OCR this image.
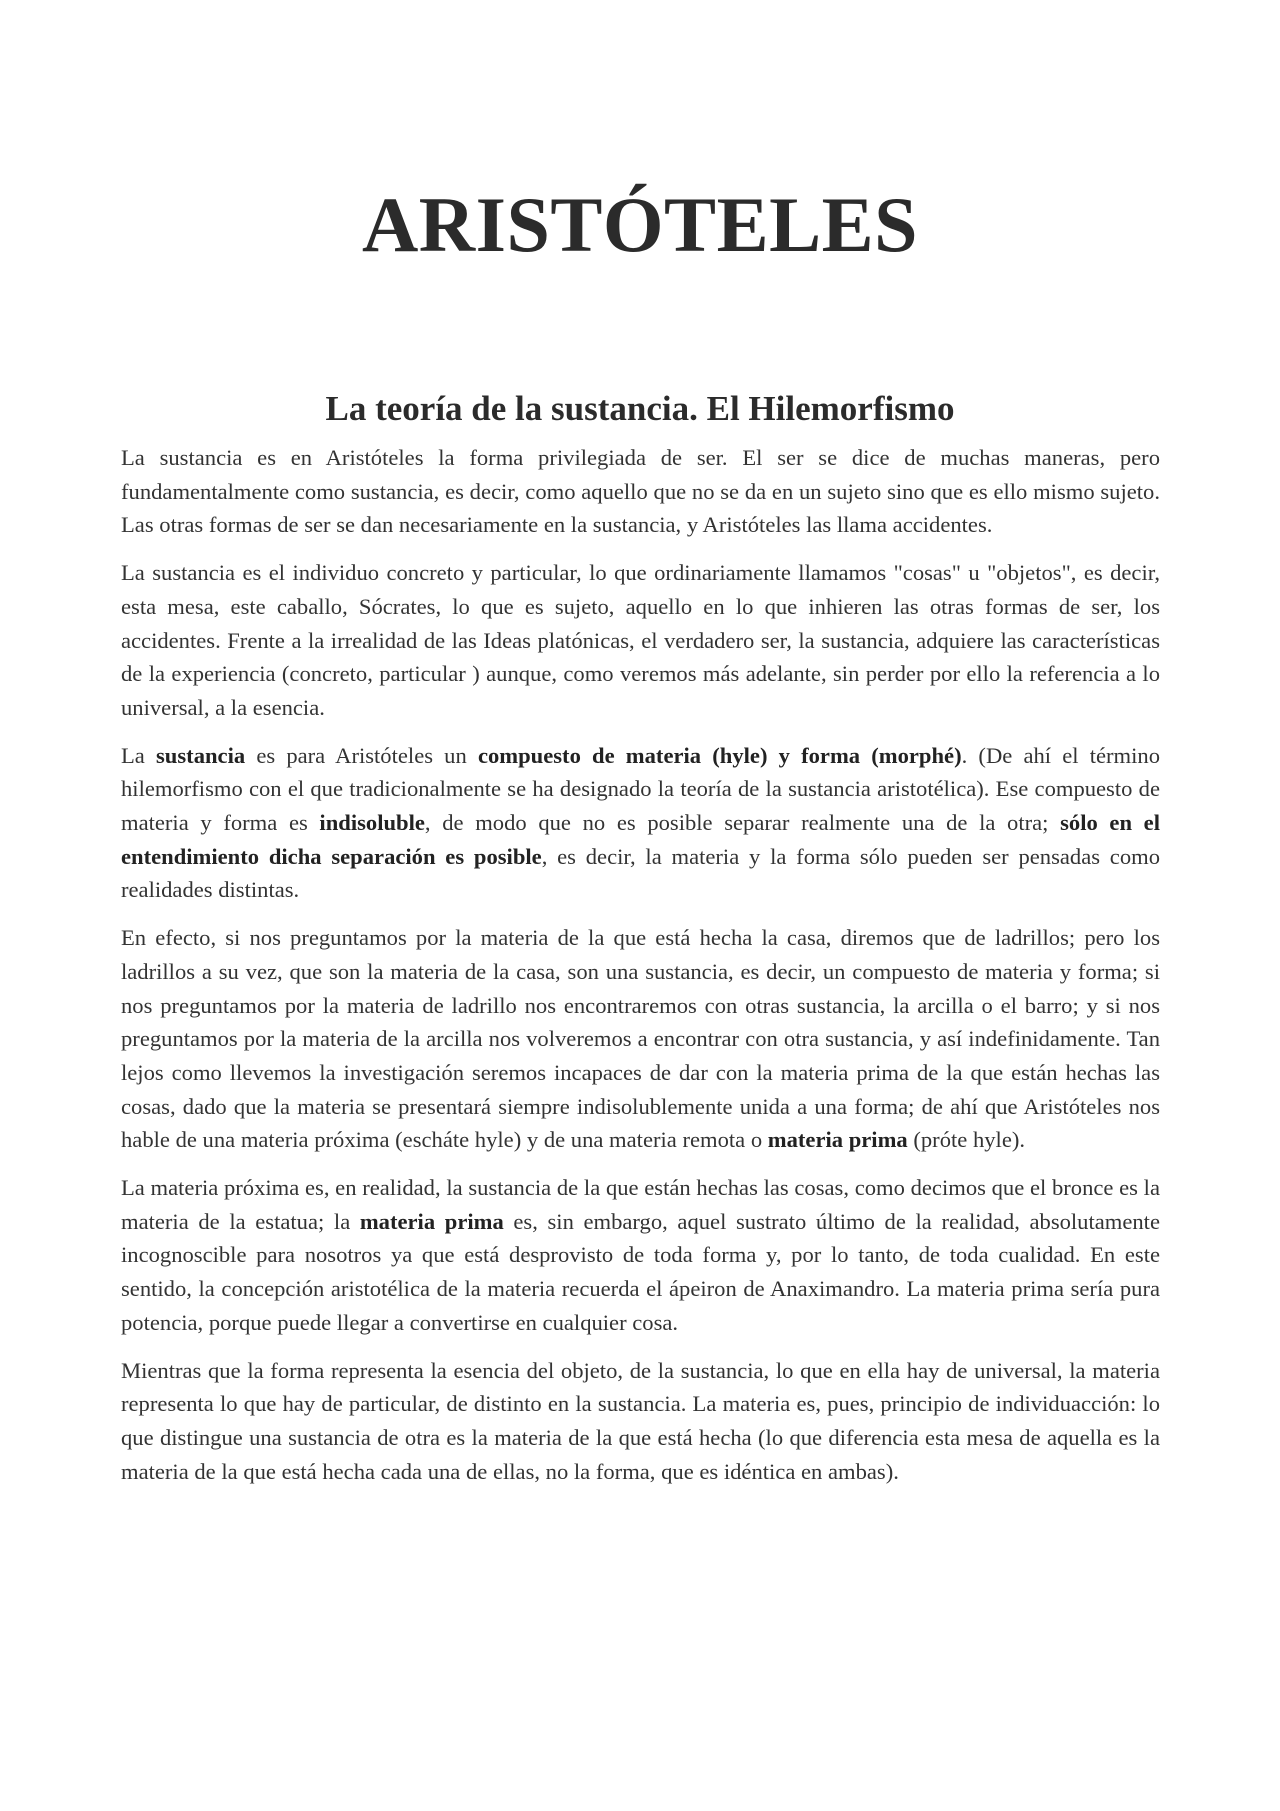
ARISTÓTELES
La teoría de la sustancia. El Hilemorfismo

La sustancia es en Aristóteles la forma privilegiada de ser. El ser se dice de muchas maneras, pero fundamentalmente como sustancia, es decir, como aquello que no se da en un sujeto sino que es ello mismo sujeto. Las otras formas de ser se dan necesariamente en la sustancia, y Aristóteles las llama accidentes.

La sustancia es el individuo concreto y particular, lo que ordinariamente llamamos "cosas" u "objetos", es decir, esta mesa, este caballo, Sócrates, lo que es sujeto, aquello en lo que inhieren las otras formas de ser, los accidentes. Frente a la irrealidad de las Ideas platónicas, el verdadero ser, la sustancia, adquiere las características de la experiencia (concreto, particular ) aunque, como veremos más adelante, sin perder por ello la referencia a lo universal, a la esencia.

La sustancia es para Aristóteles un compuesto de materia (hyle) y forma (morphé). (De ahí el término hilemorfismo con el que tradicionalmente se ha designado la teoría de la sustancia aristotélica). Ese compuesto de materia y forma es indisoluble, de modo que no es posible separar realmente una de la otra; sólo en el entendimiento dicha separación es posible, es decir, la materia y la forma sólo pueden ser pensadas como realidades distintas.

En efecto, si nos preguntamos por la materia de la que está hecha la casa, diremos que de ladrillos; pero los ladrillos a su vez, que son la materia de la casa, son una sustancia, es decir, un compuesto de materia y forma; si nos preguntamos por la materia de ladrillo nos encontraremos con otras sustancia, la arcilla o el barro; y si nos preguntamos por la materia de la arcilla nos volveremos a encontrar con otra sustancia, y así indefinidamente. Tan lejos como llevemos la investigación seremos incapaces de dar con la materia prima de la que están hechas las cosas, dado que la materia se presentará siempre indisolublemente unida a una forma; de ahí que Aristóteles nos hable de una materia próxima (escháte hyle) y de una materia remota o materia prima (próte hyle).

La materia próxima es, en realidad, la sustancia de la que están hechas las cosas, como decimos que el bronce es la materia de la estatua; la materia prima es, sin embargo, aquel sustrato último de la realidad, absolutamente incognoscible para nosotros ya que está desprovisto de toda forma y, por lo tanto, de toda cualidad. En este sentido, la concepción aristotélica de la materia recuerda el ápeiron de Anaximandro. La materia prima sería pura potencia, porque puede llegar a convertirse en cualquier cosa.

Mientras que la forma representa la esencia del objeto, de la sustancia, lo que en ella hay de universal, la materia representa lo que hay de particular, de distinto en la sustancia. La materia es, pues, principio de individuacción: lo que distingue una sustancia de otra es la materia de la que está hecha (lo que diferencia esta mesa de aquella es la materia de la que está hecha cada una de ellas, no la forma, que es idéntica en ambas).
